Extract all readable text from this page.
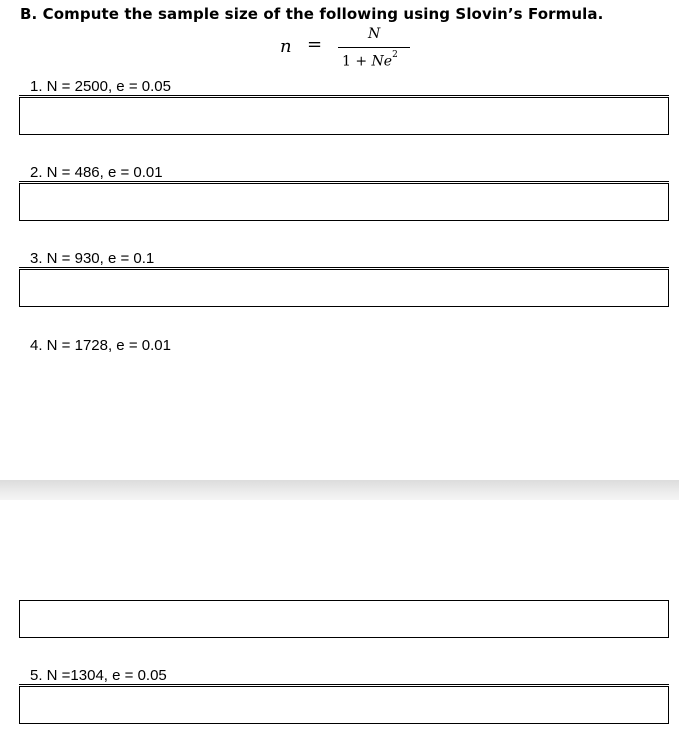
B. Compute the sample size of the following using Slovin’s Formula.
n =	N
$1 + Ne^2$
1. N = 2500, e = 0.05
2. N = 486, e = 0.01
3. N = 930, e = 0.1
4. N = 1728, e = 0.01
5. N =1304, e = 0.05
